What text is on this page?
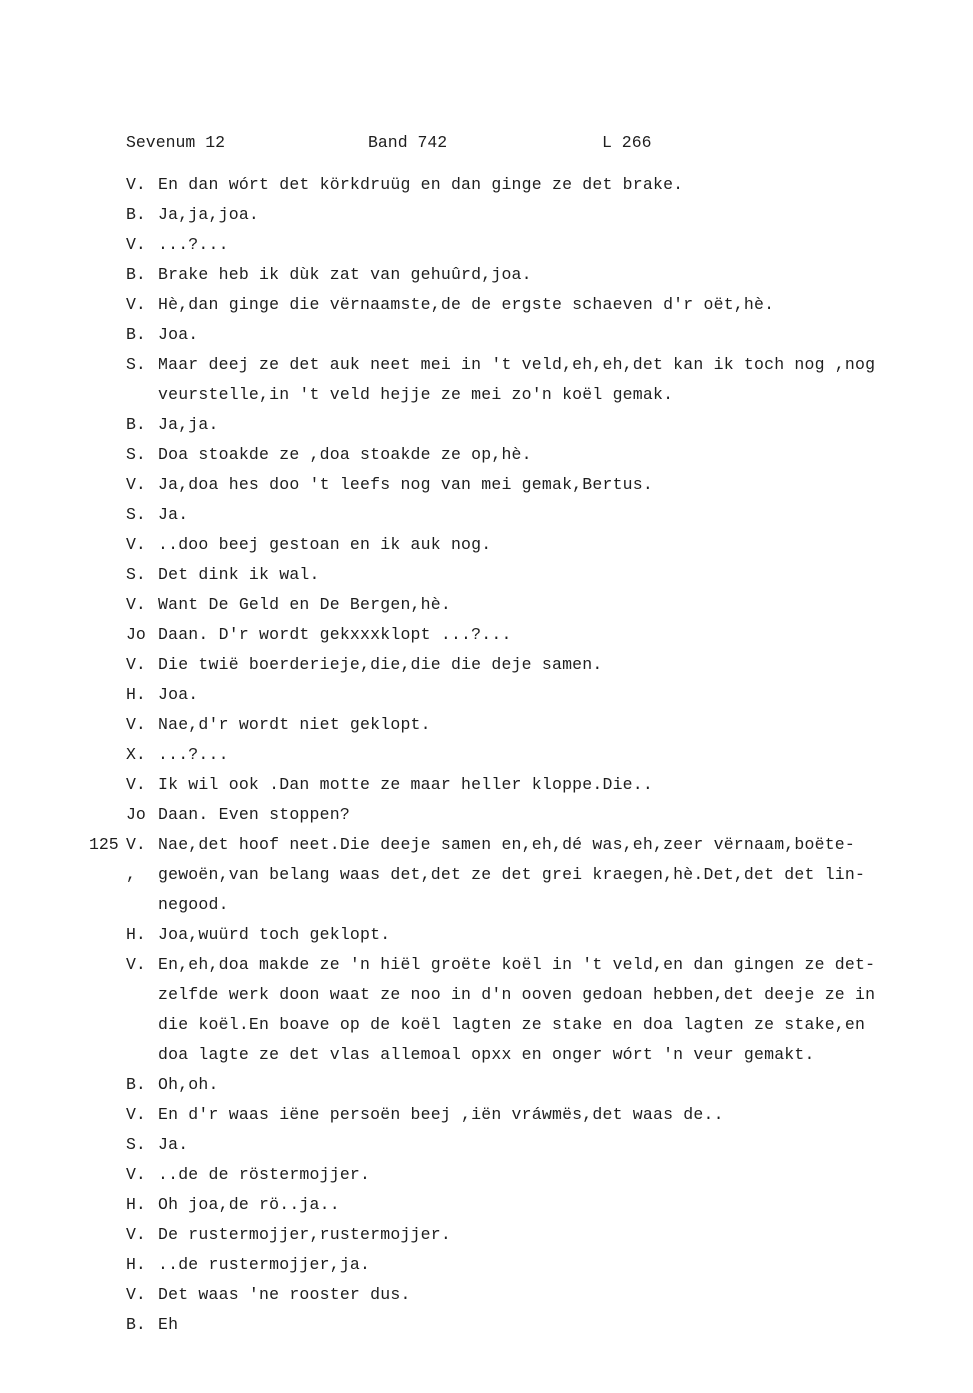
Sevenum 12	Band 742	L 266
V. En dan wórt det körkdruüg en dan ginge ze det brake.
B. Ja,ja,joa.
V. ...?...
B. Brake heb ik dùk zat van gehuûrd,joa.
V. Hè,dan ginge die vërnaamste,de de ergste schaeven d'r oët,hè.
B. Joa.
S. Maar deej ze det auk neet mei in 't veld,eh,eh,det kan ik toch nog ,nog
veurstelle,in 't veld hejje ze mei zo'n koël gemak.
B. Ja,ja.
S. Doa stoakde ze ,doa stoakde ze op,hè.
V. Ja,doa hes doo 't leefs nog van mei gemak,Bertus.
S. Ja.
V. ..doo beej gestoan en ik auk nog.
S. Det dink ik wal.
V. Want De Geld en De Bergen,hè.
Jo Daan. D'r wordt gekxxxklopt ...?...
V. Die twië boerderieje,die,die die deje samen.
H. Joa.
V. Nae,d'r wordt niet geklopt.
X. ...?...
V. Ik wil ook .Dan motte ze maar heller kloppe.Die..
Jo Daan. Even stoppen?
125 V. Nae,det hoof neet.Die deeje samen en,eh,dé was,eh,zeer vërnaam,boëte-
, gewoën,van belang waas det,det ze det grei kraegen,hè.Det,det det lin-
negood.
H. Joa,wuürd toch geklopt.
V. En,eh,doa makde ze 'n hiël groëte koël in 't veld,en dan gingen ze det-
zelfde werk doon waat ze noo in d'n ooven gedoan hebben,det deeje ze in
die koël.En boave op de koël lagten ze stake en doa lagten ze stake,en
doa lagte ze det vlas allemoal opxx en onger wórt 'n veur gemakt.
B. Oh,oh.
V. En d'r waas iëne persoën beej ,iën vráwmës,det waas de..
S. Ja.
V. ..de de röstermojjer.
H. Oh joa,de rö..ja..
V. De rustermojjer,rustermojjer.
H. ..de rustermojjer,ja.
V. Det waas 'ne rooster dus.
B. Eh
